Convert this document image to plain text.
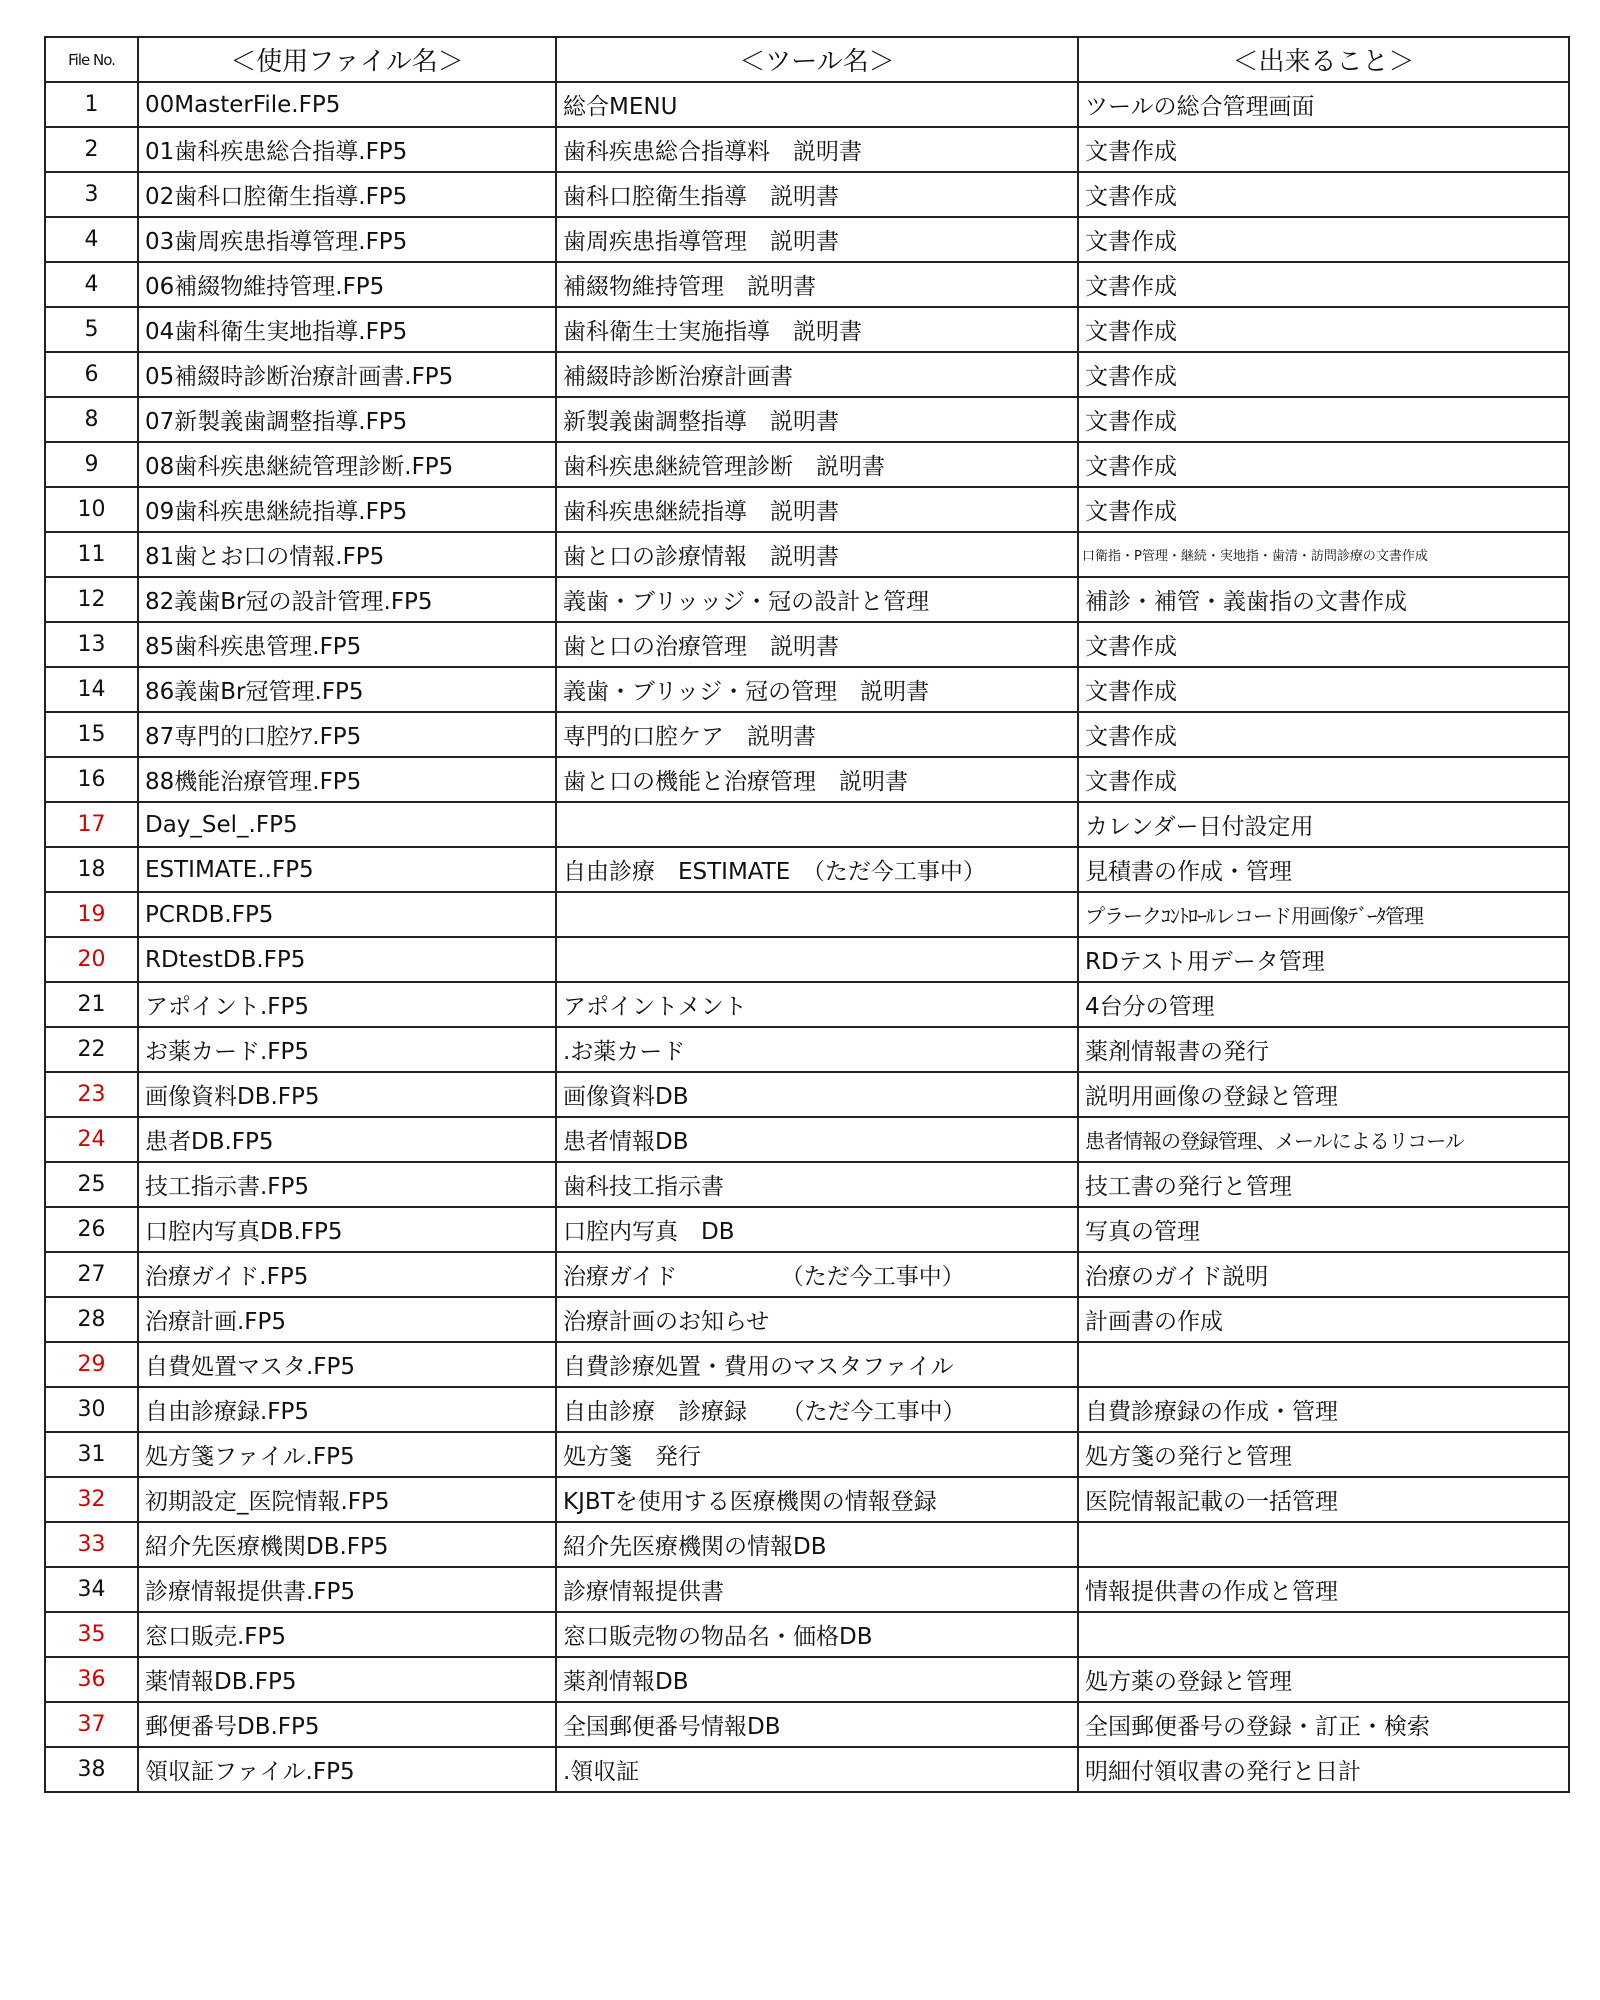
File No.	＜使用ファイル名＞	＜ツール名＞	＜出来ること＞
1	00MasterFile.FP5	総合MENU	ツールの総合管理画面
2	01歯科疾患総合指導.FP5	歯科疾患総合指導料　説明書	文書作成
3	02歯科口腔衛生指導.FP5	歯科口腔衛生指導　説明書	文書作成
4	03歯周疾患指導管理.FP5	歯周疾患指導管理　説明書	文書作成
4	06補綴物維持管理.FP5	補綴物維持管理　説明書	文書作成
5	04歯科衛生実地指導.FP5	歯科衛生士実施指導　説明書	文書作成
6	05補綴時診断治療計画書.FP5	補綴時診断治療計画書	文書作成
8	07新製義歯調整指導.FP5	新製義歯調整指導　説明書	文書作成
9	08歯科疾患継続管理診断.FP5	歯科疾患継続管理診断　説明書	文書作成
10	09歯科疾患継続指導.FP5	歯科疾患継続指導　説明書	文書作成
11	81歯とお口の情報.FP5	歯と口の診療情報　説明書	口衛指・P管理・継続・実地指・歯清・訪問診療の文書作成
12	82義歯Br冠の設計管理.FP5	義歯・ブリッッジ・冠の設計と管理	補診・補管・義歯指の文書作成
13	85歯科疾患管理.FP5	歯と口の治療管理　説明書	文書作成
14	86義歯Br冠管理.FP5	義歯・ブリッジ・冠の管理　説明書	文書作成
15	87専門的口腔ｹｱ.FP5	専門的口腔ケア　説明書	文書作成
16	88機能治療管理.FP5	歯と口の機能と治療管理　説明書	文書作成
17	Day_Sel_.FP5		カレンダー日付設定用
18	ESTIMATE..FP5	自由診療　ESTIMATE　（ただ今工事中）	見積書の作成・管理
19	PCRDB.FP5		プラークｺﾝﾄﾛｰﾙレコード用画像ﾃﾞｰﾀ管理
20	RDtestDB.FP5		RDテスト用データ管理
21	アポイント.FP5	アポイントメント	4台分の管理
22	お薬カード.FP5	.お薬カード	薬剤情報書の発行
23	画像資料DB.FP5	画像資料DB	説明用画像の登録と管理
24	患者DB.FP5	患者情報DB	患者情報の登録管理、メールによるリコール
25	技工指示書.FP5	歯科技工指示書	技工書の発行と管理
26	口腔内写真DB.FP5	口腔内写真　DB	写真の管理
27	治療ガイド.FP5	治療ガイド　　　　　（ただ今工事中）	治療のガイド説明
28	治療計画.FP5	治療計画のお知らせ	計画書の作成
29	自費処置マスタ.FP5	自費診療処置・費用のマスタファイル	
30	自由診療録.FP5	自由診療　診療録　　（ただ今工事中）	自費診療録の作成・管理
31	処方箋ファイル.FP5	処方箋　発行	処方箋の発行と管理
32	初期設定_医院情報.FP5	KJBTを使用する医療機関の情報登録	医院情報記載の一括管理
33	紹介先医療機関DB.FP5	紹介先医療機関の情報DB	
34	診療情報提供書.FP5	診療情報提供書	情報提供書の作成と管理
35	窓口販売.FP5	窓口販売物の物品名・価格DB	
36	薬情報DB.FP5	薬剤情報DB	処方薬の登録と管理
37	郵便番号DB.FP5	全国郵便番号情報DB	全国郵便番号の登録・訂正・検索
38	領収証ファイル.FP5	.領収証	明細付領収書の発行と日計
